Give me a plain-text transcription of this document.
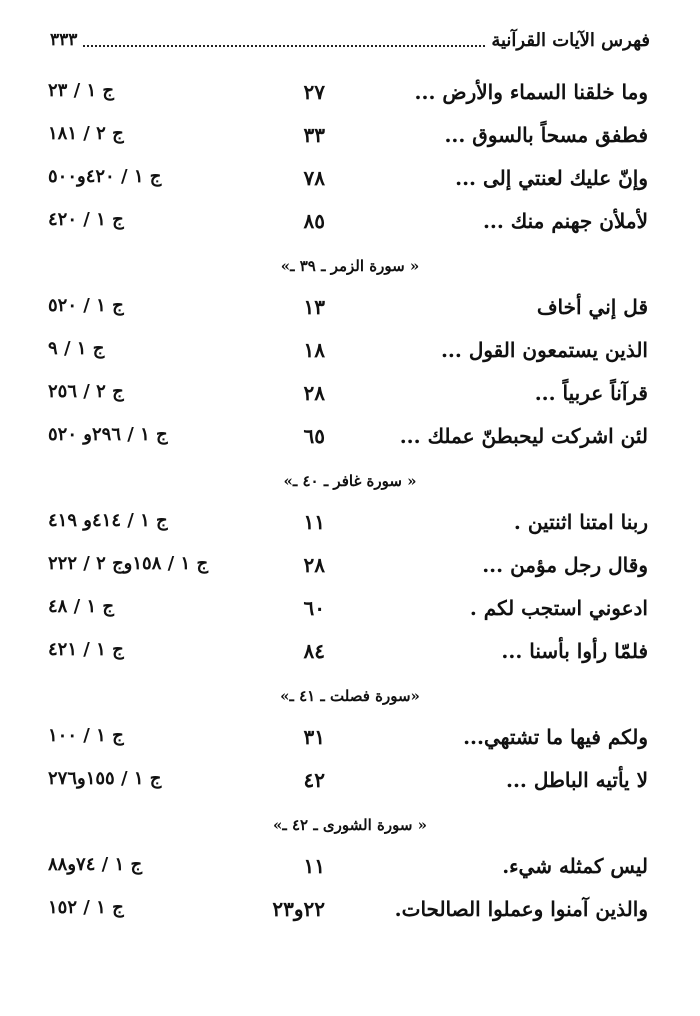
فهرس الآيات القرآنية
٣٣٣
وما خلقنا السماء والأرض ...
٢٧
ج ١ / ٢٣
فطفق مسحاً بالسوق ...
٣٣
ج ٢ / ١٨١
وإنّ عليك لعنتي إلى ...
٧٨
ج ١ / ٤٢٠و٥٠٠
لأملأن جهنم منك ...
٨٥
ج ١ / ٤٢٠
« سورة الزمر ـ ٣٩ ـ»
قل إني أخاف
١٣
ج ١ / ٥٢٠
الذين يستمعون القول ...
١٨
ج ١ / ٩
قرآناً عربياً ...
٢٨
ج ٢ / ٢٥٦
لئن اشركت ليحبطنّ عملك ...
٦٥
ج ١ / ٢٩٦و ٥٢٠
« سورة غافر ـ ٤٠ ـ»
ربنا امتنا اثنتين .
١١
ج ١ / ٤١٤و ٤١٩
وقال رجل مؤمن ...
٢٨
ج ١ / ١٥٨وج ٢ / ٢٢٢
ادعوني استجب لكم .
٦٠
ج ١ / ٤٨
فلمّا رأوا بأسنا ...
٨٤
ج ١ / ٤٢١
«سورة فصلت ـ ٤١ ـ»
ولكم فيها ما تشتهي...
٣١
ج ١ / ١٠٠
لا يأتيه الباطل ...
٤٢
ج ١ / ١٥٥و٢٧٦
« سورة الشورى ـ ٤٢ ـ»
ليس كمثله شيء.
١١
ج ١ / ٧٤و٨٨
والذين آمنوا وعملوا الصالحات.
٢٢و٢٣
ج ١ / ١٥٢
